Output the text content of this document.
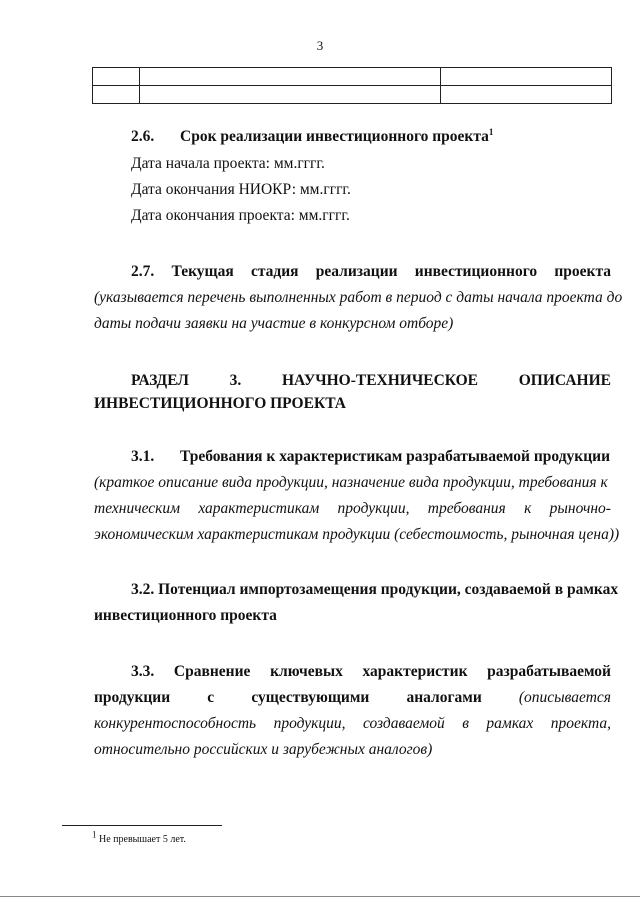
3

2.6. Срок реализации инвестиционного проекта$^1$
Дата начала проекта: мм.гггг.
Дата окончания НИОКР: мм.гггг.
Дата окончания проекта: мм.гггг.
2.7. Текущая стадия реализации инвестиционного проекта
(указывается перечень выполненных работ в период с даты начала проекта до
даты подачи заявки на участие в конкурсном отборе)
РАЗДЕЛ	3.	НАУЧНО-ТЕХНИЧЕСКОЕ	ОПИСАНИЕ
ИНВЕСТИЦИОННОГО ПРОЕКТА
3.1. Требования к характеристикам разрабатываемой продукции
(краткое описание вида продукции, назначение вида продукции, требования к
техническим характеристикам продукции, требования к рыночно-
экономическим характеристикам продукции (себестоимость, рыночная цена))
3.2. Потенциал импортозамещения продукции, создаваемой в рамках
инвестиционного проекта
3.3. Сравнение ключевых характеристик разрабатываемой
продукции с существующими аналогами (описывается
конкурентоспособность продукции, создаваемой в рамках проекта,
относительно российских и зарубежных аналогов)
$^1$ Не превышает 5 лет.
